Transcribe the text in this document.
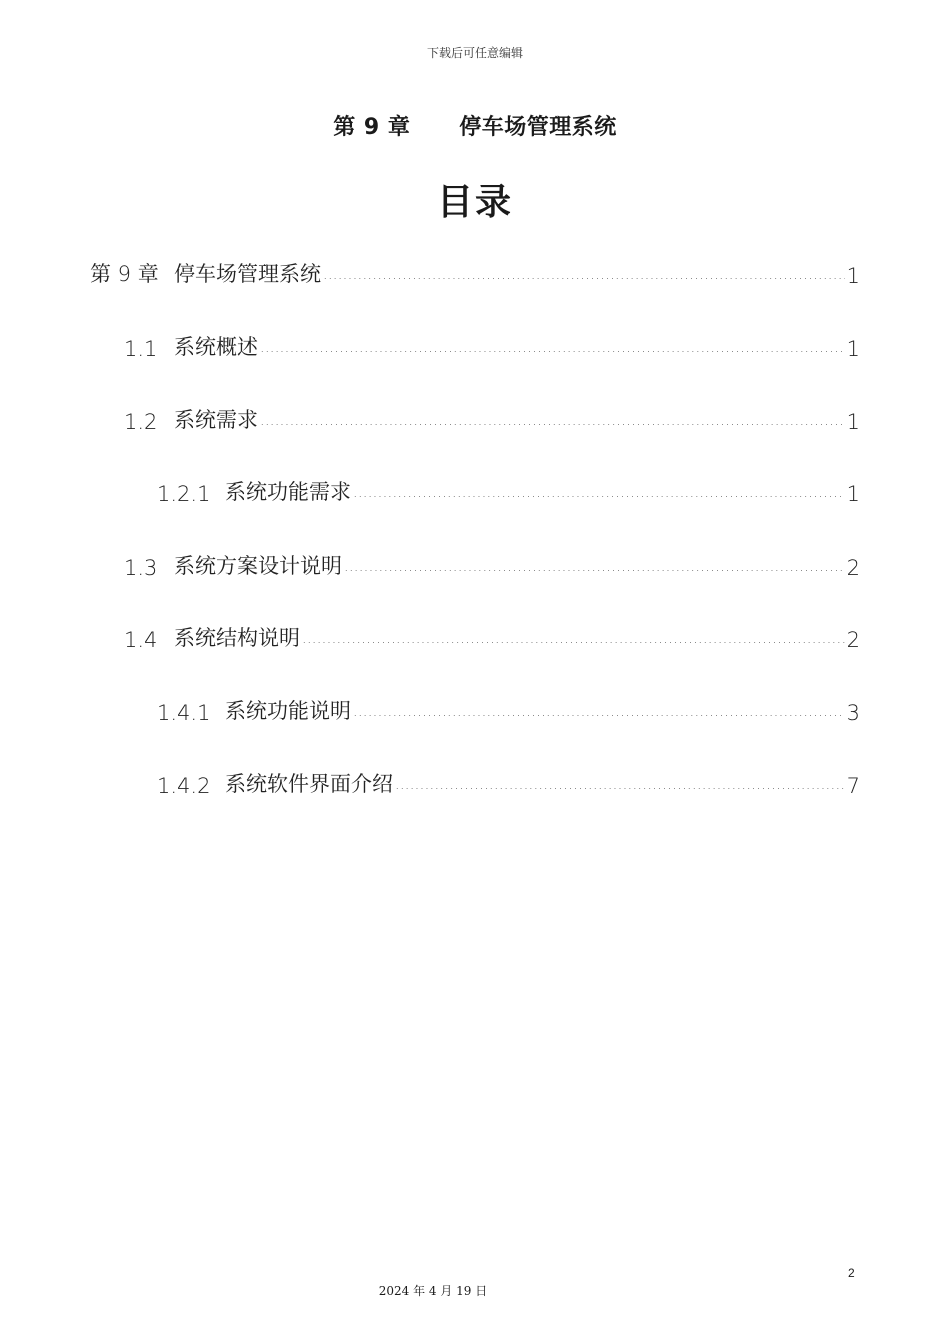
下载后可任意编辑
第 9 章      停车场管理系统
目录
第 9 章 停车场管理系统 .....	1
1.1 系统概述 .....	1
1.2 系统需求 .....	1
1.2.1 系统功能需求 .....	1
1.3 系统方案设计说明 .....	2
1.4 系统结构说明 .....	2
1.4.1 系统功能说明 .....	3
1.4.2 系统软件界面介绍 .....	7
2
2024 年 4 月 19 日
